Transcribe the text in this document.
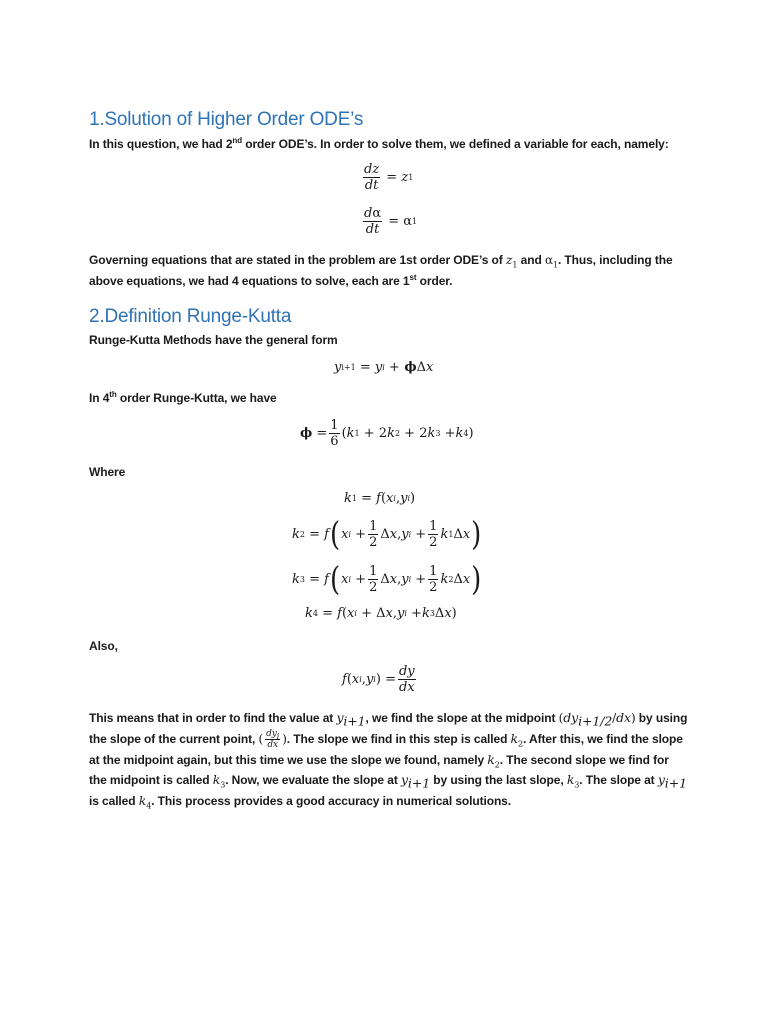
1.Solution of Higher Order ODE’s

In this question, we had 2nd order ODE’s. In order to solve them, we defined a variable for each, namely:

$\frac{dz}{dt} = z$ 1
$\frac{d\alpha}{dt} = \alpha$ 1

Governing equations that are stated in the problem are 1st order ODE’s of $z_1$ and $\alpha_1$. Thus, including the above equations, we had 4 equations to solve, each are 1st order.

2.Definition Runge-Kutta

Runge-Kutta Methods have the general form

y i+1 = y i + ϕ Δ x

In 4th order Runge-Kutta, we have

$\phi = \frac{1}{6}$ ( k 1 + 2 k 2 + 2 k 3 + k 4 )

Where

k 1 = f ( x i , y i )
k 2 = f ( x $i + \frac{1}{2}$ Δ x , y $i + \frac{1}{2}$ k 1 Δ x )
k 3 = f ( x $i + \frac{1}{2}$ Δ x , y $i + \frac{1}{2}$ k 2 Δ x )
k 4 = f ( x i + Δ x , y i + k 3 Δ x )

Also,

f ( x i , y i ) = $\frac{dy}{dx}$

This means that in order to find the value at $y_{i+1}$, we find the slope at the midpoint $(dy_{i+1/2}/dx)$ by using the slope of the current point, ( $\frac{dy_i}{dx}$ ). The slope we find in this step is called $k_2$. After this, we find the slope at the midpoint again, but this time we use the slope we found, namely $k_2$. The second slope we find for the midpoint is called $k_3$. Now, we evaluate the slope at $y_{i+1}$ by using the last slope, $k_3$. The slope at $y_{i+1}$ is called $k_4$. This process provides a good accuracy in numerical solutions.
